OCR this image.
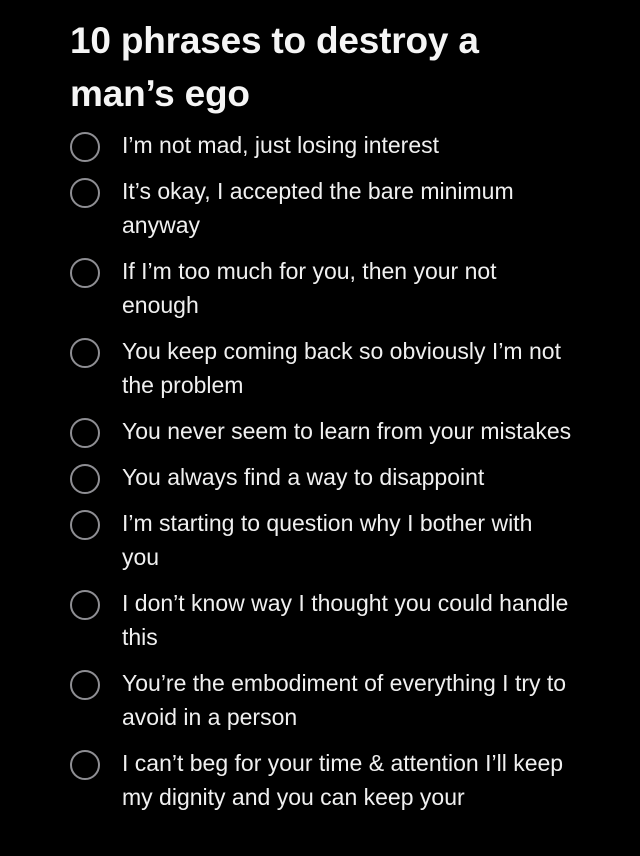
10 phrases to destroy a man’s ego
I’m not mad, just losing interest
It’s okay, I accepted the bare minimum anyway
If I’m too much for you, then your not enough
You keep coming back so obviously I’m not the problem
You never seem to learn from your mistakes
You always find a way to disappoint
I’m starting to question why I bother with you
I don’t know way I thought you could handle this
You’re the embodiment of everything I try to avoid in a person
I can’t beg for your time & attention I’ll keep my dignity and you can keep your
